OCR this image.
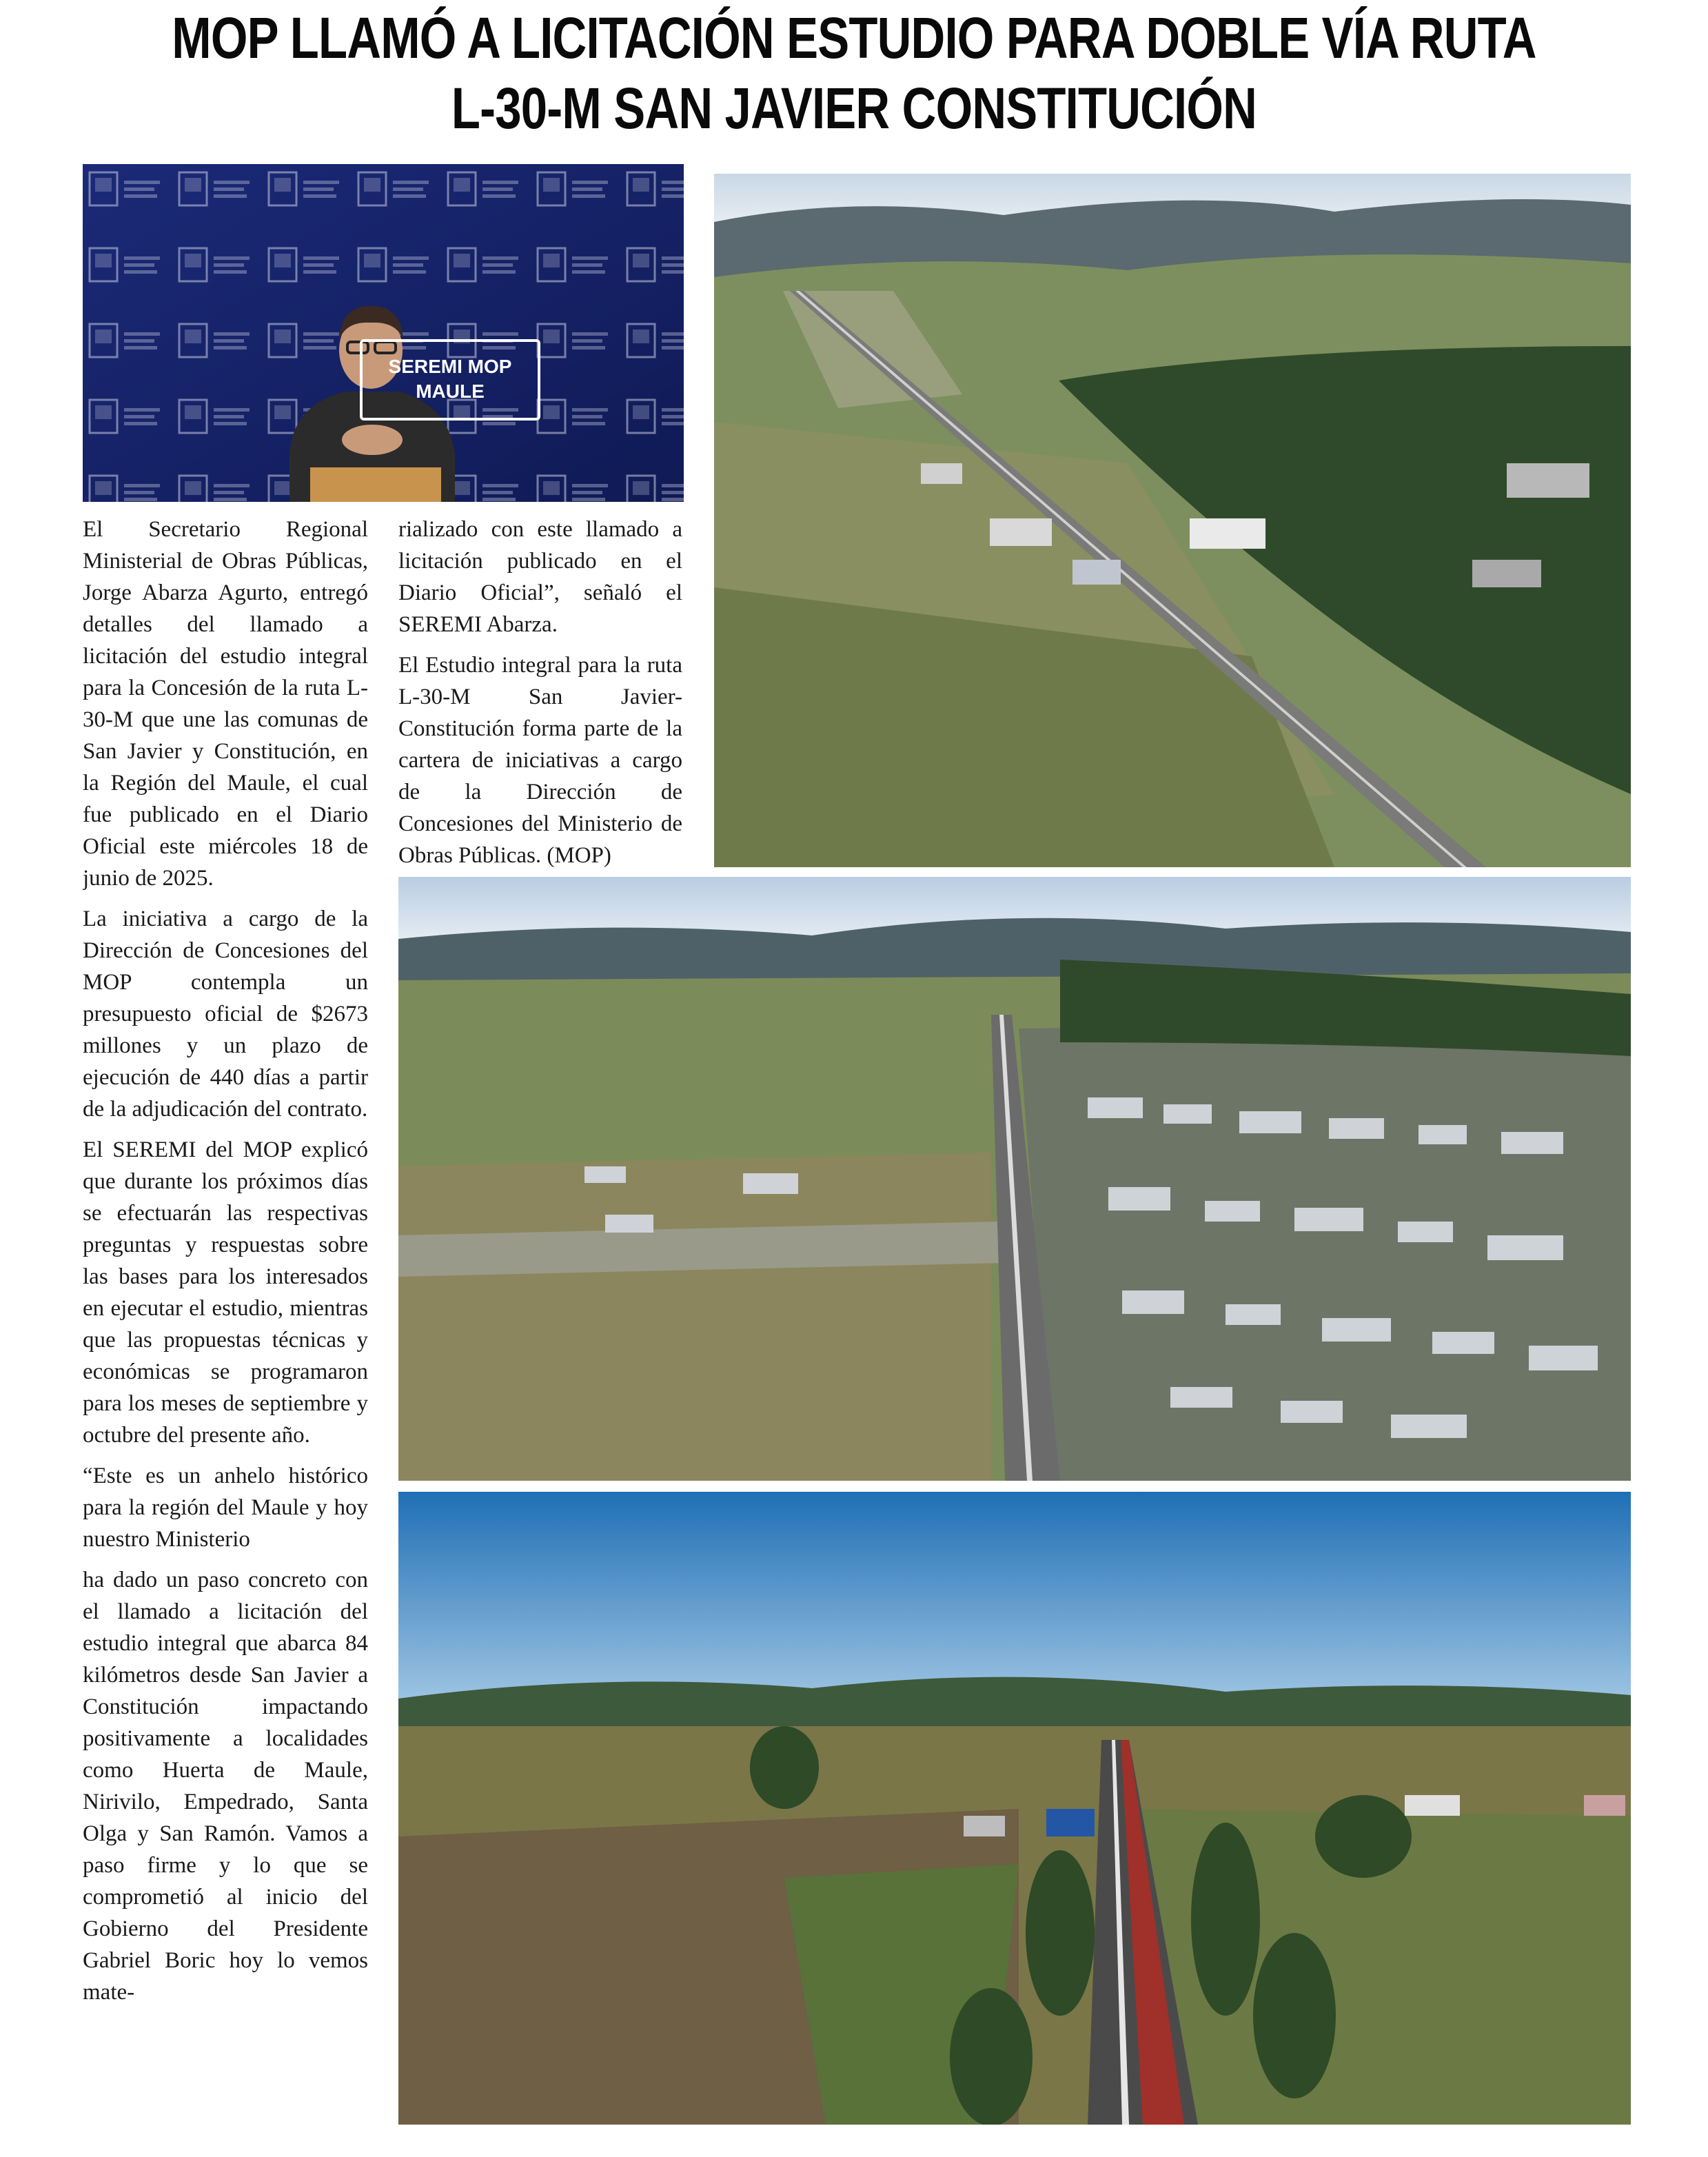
MOP LLAMÓ A LICITACIÓN ESTUDIO PARA DOBLE VÍA RUTA
L-30-M SAN JAVIER CONSTITUCIÓN
SEREMI MOP
MAULE

El Secretario Regional Ministerial de Obras Públicas, Jorge Abarza Agurto, entregó detalles del llamado a licitación del estudio integral para la Concesión de la ruta L-30-M que une las comunas de San Javier y Constitución, en la Región del Maule, el cual fue publicado en el Diario Oficial este miércoles 18 de junio de 2025.

La iniciativa a cargo de la Dirección de Concesiones del MOP contempla un presupuesto oficial de $2673 millones y un plazo de ejecución de 440 días a partir de la adjudicación del contrato.

El SEREMI del MOP explicó que durante los próximos días se efectuarán las respectivas preguntas y respuestas sobre las bases para los interesados en ejecutar el estudio, mientras que las propuestas técnicas y económicas se programaron para los meses de septiembre y octubre del presente año.

“Este es un anhelo histórico para la región del Maule y hoy nuestro Ministerio

ha dado un paso concreto con el llamado a licitación del estudio integral que abarca 84 kilómetros desde San Javier a Constitución impactando positivamente a localidades como Huerta de Maule, Nirivilo, Empedrado, Santa Olga y San Ramón. Vamos a paso firme y lo que se comprometió al inicio del Gobierno del Presidente Gabriel Boric hoy lo vemos mate-

rializado con este llamado a licitación publicado en el Diario Oficial”, señaló el SEREMI Abarza.

El Estudio integral para la ruta L-30-M San Javier-Constitución forma parte de la cartera de iniciativas a cargo de la Dirección de Concesiones del Ministerio de Obras Públicas. (MOP)
